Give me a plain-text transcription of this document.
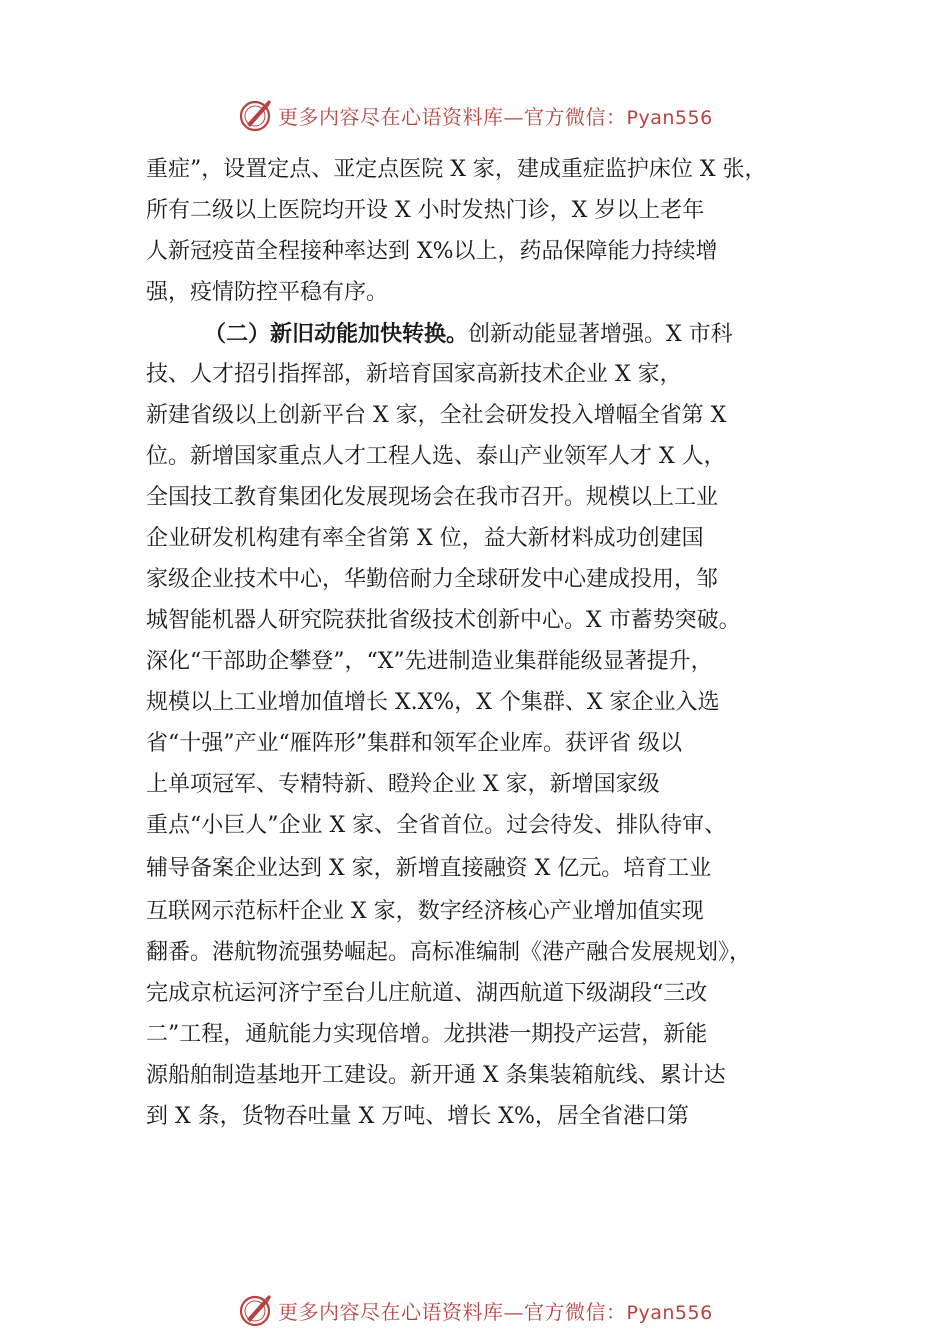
更多内容尽在心语资料库—官方微信：Pyan556
重症”，设置定点、亚定点医院 X 家，建成重症监护床位 X 张，
所有二级以上医院均开设 X 小时发热门诊，X 岁以上老年
人新冠疫苗全程接种率达到 X%以上，药品保障能力持续增
强，疫情防控平稳有序。
（二）新旧动能加快转换。创新动能显著增强。X 市科
技、人才招引指挥部，新培育国家高新技术企业 X 家，
新建省级以上创新平台 X 家，全社会研发投入增幅全省第 X
位。新增国家重点人才工程人选、泰山产业领军人才 X 人，
全国技工教育集团化发展现场会在我市召开。规模以上工业
企业研发机构建有率全省第 X 位，益大新材料成功创建国
家级企业技术中心，华勤倍耐力全球研发中心建成投用，邹
城智能机器人研究院获批省级技术创新中心。X 市蓄势突破。
深化“干部助企攀登”，“X”先进制造业集群能级显著提升，
规模以上工业增加值增长 X.X%，X 个集群、X 家企业入选
省“十强”产业“雁阵形”集群和领军企业库。获评省 级以
上单项冠军、专精特新、瞪羚企业 X 家，新增国家级
重点“小巨人”企业 X 家、全省首位。过会待发、排队待审、
辅导备案企业达到 X 家，新增直接融资 X 亿元。培育工业
互联网示范标杆企业 X 家，数字经济核心产业增加值实现
翻番。港航物流强势崛起。高标准编制《港产融合发展规划》，
完成京杭运河济宁至台儿庄航道、湖西航道下级湖段“三改
二”工程，通航能力实现倍增。龙拱港一期投产运营，新能
源船舶制造基地开工建设。新开通 X 条集装箱航线、累计达
到 X 条，货物吞吐量 X 万吨、增长 X%，居全省港口第
更多内容尽在心语资料库—官方微信：Pyan556
